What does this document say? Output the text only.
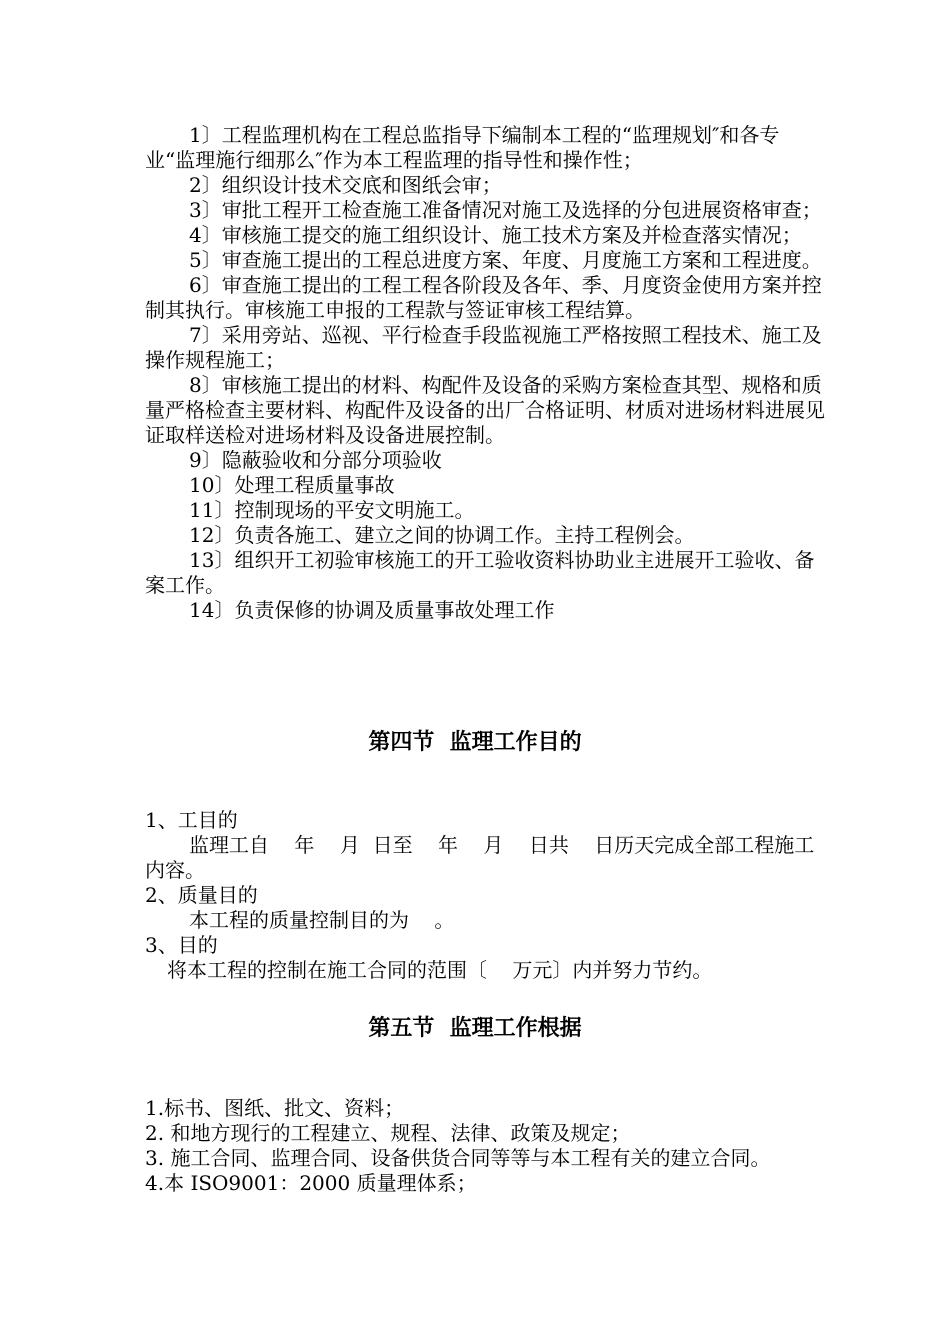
1〕工程监理机构在工程总监指导下编制本工程的“监理规划″和各专业“监理施行细那么″作为本工程监理的指导性和操作性；

2〕组织设计技术交底和图纸会审；

3〕审批工程开工检查施工准备情况对施工及选择的分包进展资格审查；

4〕审核施工提交的施工组织设计、施工技术方案及并检查落实情况；

5〕审查施工提出的工程总进度方案、年度、月度施工方案和工程进度。

6〕审查施工提出的工程工程各阶段及各年、季、月度资金使用方案并控制其执行。审核施工申报的工程款与签证审核工程结算。

7〕采用旁站、巡视、平行检查手段监视施工严格按照工程技术、施工及操作规程施工；

8〕审核施工提出的材料、构配件及设备的采购方案检查其型、规格和质量严格检查主要材料、构配件及设备的出厂合格证明、材质对进场材料进展见证取样送检对进场材料及设备进展控制。

9〕隐蔽验收和分部分项验收

10〕处理工程质量事故

11〕控制现场的平安文明施工。

12〕负责各施工、建立之间的协调工作。主持工程例会。

13〕组织开工初验审核施工的开工验收资料协助业主进展开工验收、备案工作。

14〕负责保修的协调及质量事故处理工作

第四节  监理工作目的

1、工目的

监理工自    年    月  日至    年    月    日共    日历天完成全部工程施工内容。

2、质量目的

本工程的质量控制目的为    。

3、目的

将本工程的控制在施工合同的范围〔    万元〕内并努力节约。

第五节  监理工作根据

1.标书、图纸、批文、资料；

2. 和地方现行的工程建立、规程、法律、政策及规定；

3. 施工合同、监理合同、设备供货合同等等与本工程有关的建立合同。

4.本 ISO9001：2000 质量理体系；
